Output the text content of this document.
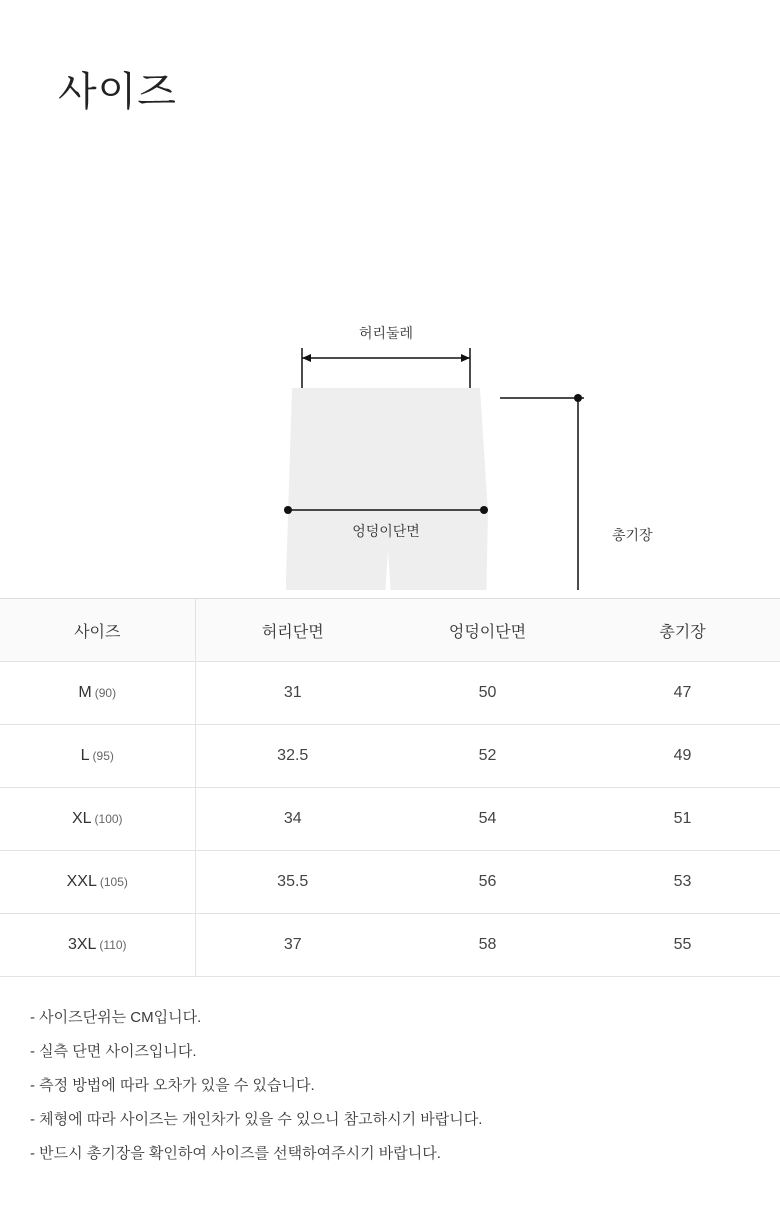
사이즈
허리둘레
엉덩이단면	총기장
사이즈	허리단면	엉덩이단면	총기장
M (90)	31	50	47
L (95)	32.5	52	49
XL (100)	34	54	51
XXL (105)	35.5	56	53
3XL (110)	37	58	55
- 사이즈단위는 CM입니다.
- 실측 단면 사이즈입니다.
- 측정 방법에 따라 오차가 있을 수 있습니다.
- 체형에 따라 사이즈는 개인차가 있을 수 있으니 참고하시기 바랍니다.
- 반드시 총기장을 확인하여 사이즈를 선택하여주시기 바랍니다.
